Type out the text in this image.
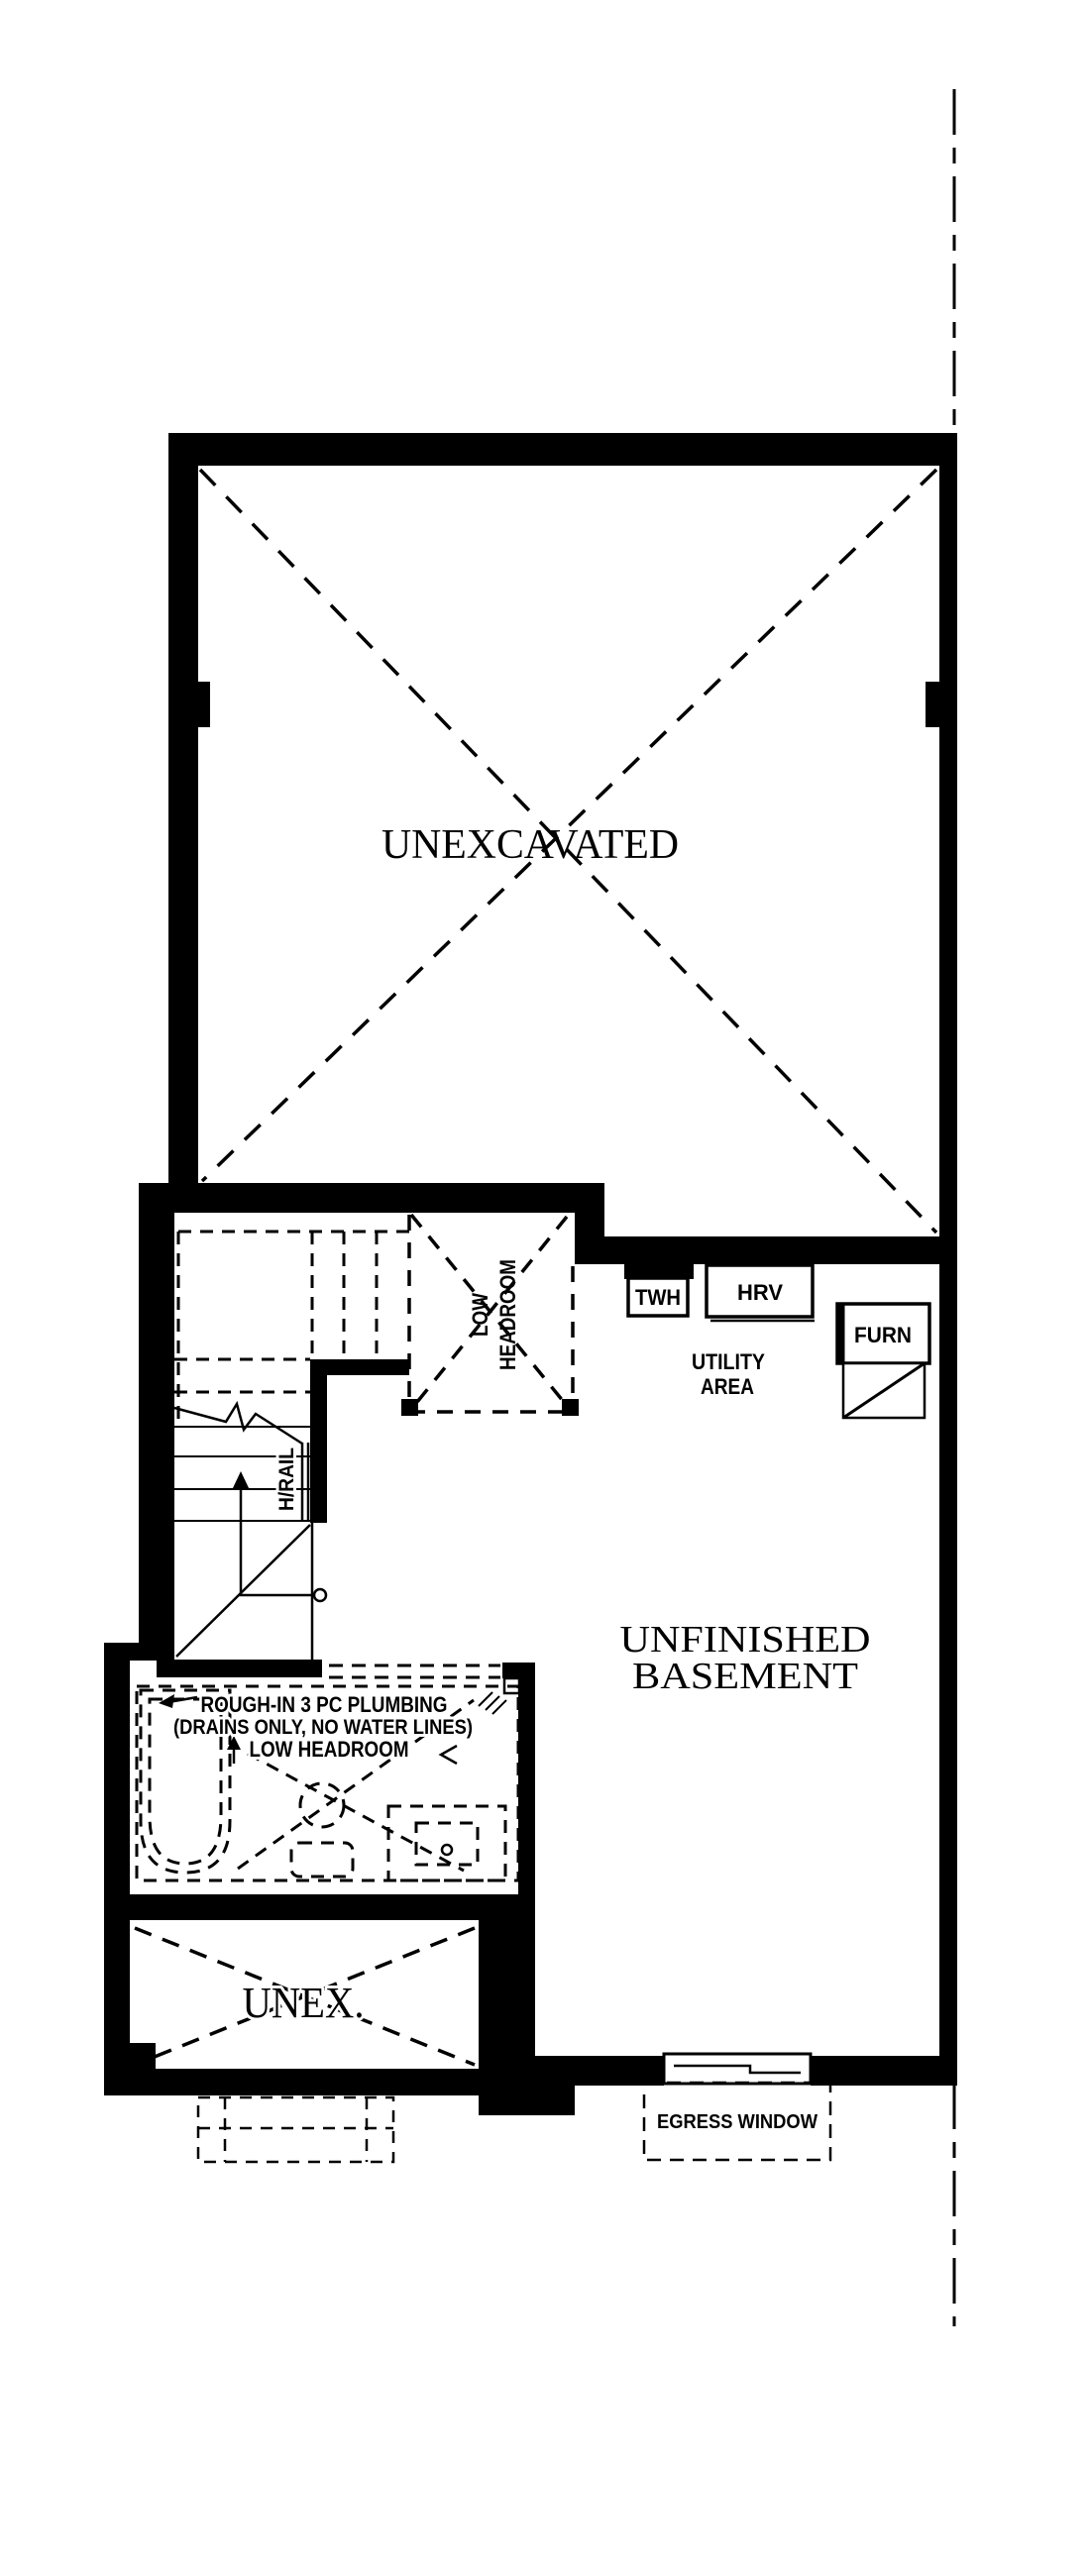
UNEXCAVATED
LOW HEADROOM	TWH	HRV
FURN
UTILITY
AREA
H/RAIL
UNFINISHED
BASEMENT
ROUGH-IN 3 PC PLUMBING
(DRAINS ONLY, NO WATER LINES)
LOW HEADROOM
UNEX.
EGRESS WINDOW
